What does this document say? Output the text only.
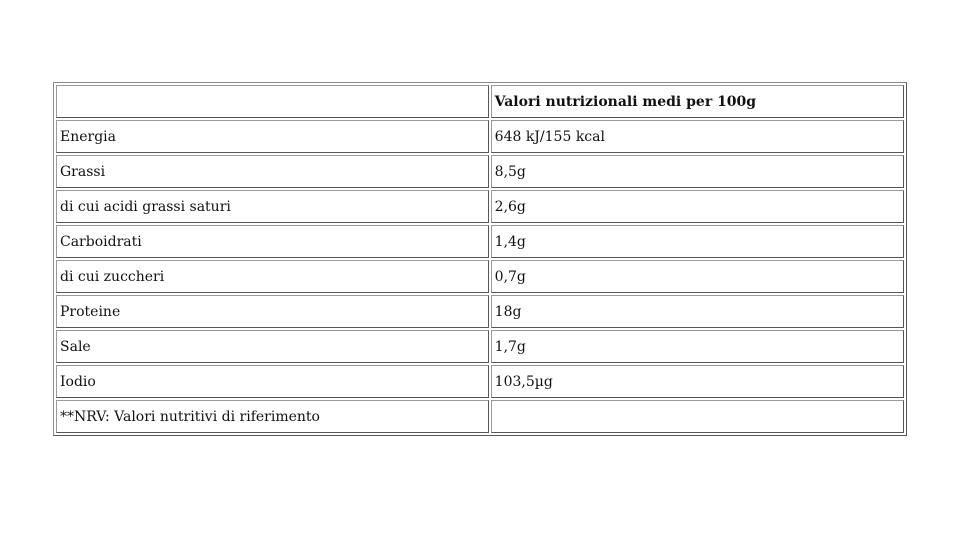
	Valori nutrizionali medi per 100g
Energia	648 kJ/155 kcal
Grassi	8,5g
di cui acidi grassi saturi	2,6g
Carboidrati	1,4g
di cui zuccheri	0,7g
Proteine	18g
Sale	1,7g
Iodio	103,5µg
**NRV: Valori nutritivi di riferimento	
